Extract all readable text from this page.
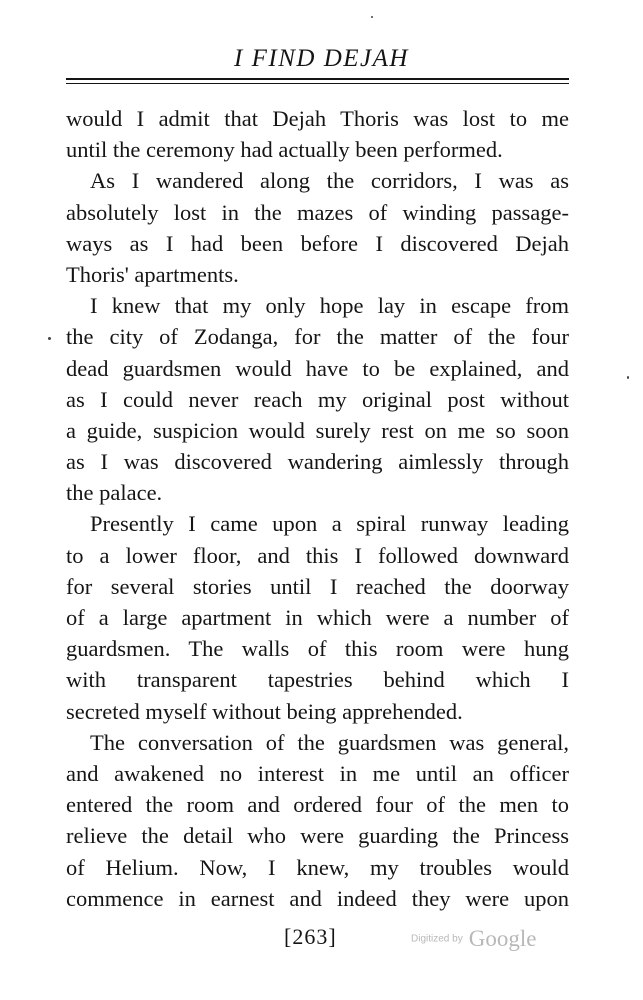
I FIND DEJAH
would I admit that Dejah Thoris was lost to me
until the ceremony had actually been performed.
As I wandered along the corridors, I was as
absolutely lost in the mazes of winding passage-
ways as I had been before I discovered Dejah
Thoris' apartments.
I knew that my only hope lay in escape from
the city of Zodanga, for the matter of the four
dead guardsmen would have to be explained, and
as I could never reach my original post without
a guide, suspicion would surely rest on me so soon
as I was discovered wandering aimlessly through
the palace.
Presently I came upon a spiral runway leading
to a lower floor, and this I followed downward
for several stories until I reached the doorway
of a large apartment in which were a number of
guardsmen. The walls of this room were hung
with transparent tapestries behind which I
secreted myself without being apprehended.
The conversation of the guardsmen was general,
and awakened no interest in me until an officer
entered the room and ordered four of the men to
relieve the detail who were guarding the Princess
of Helium. Now, I knew, my troubles would
commence in earnest and indeed they were upon
[263]	Digitized by Google
